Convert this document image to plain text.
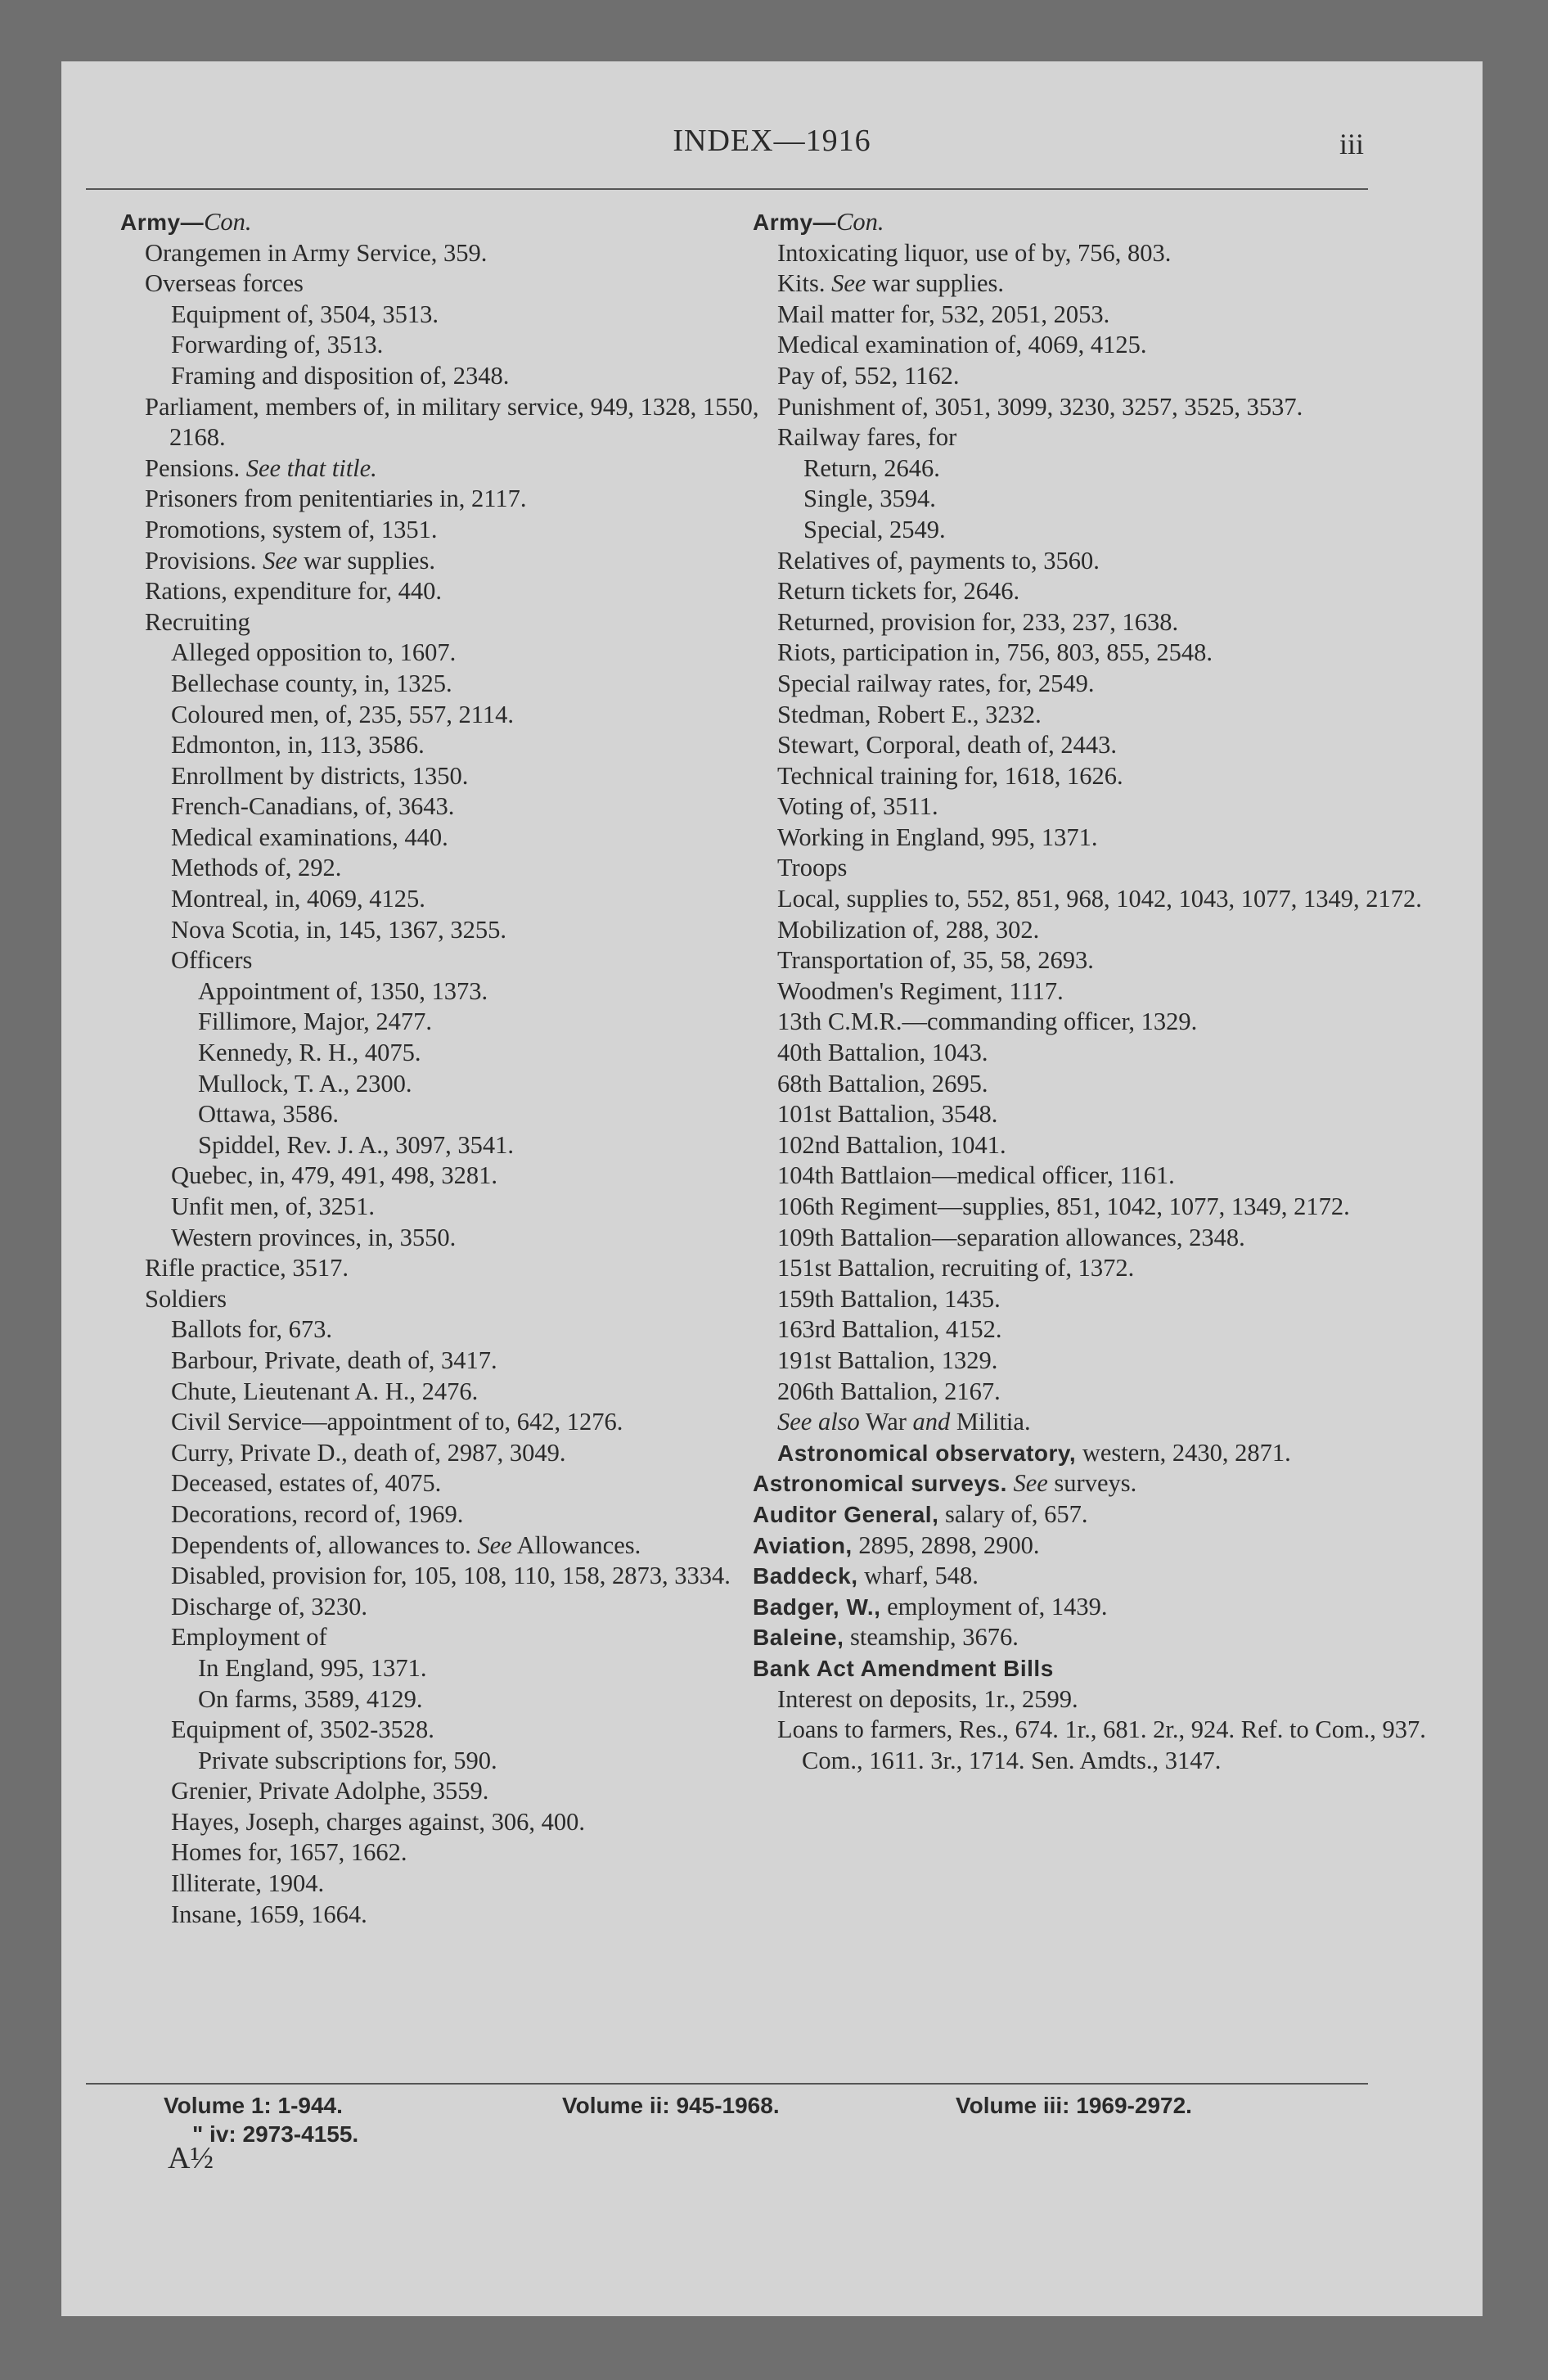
INDEX—1916	iii
Army—Con.
Orangemen in Army Service, 359.
Overseas forces
Equipment of, 3504, 3513.
Forwarding of, 3513.
Framing and disposition of, 2348.
Parliament, members of, in military service, 949, 1328, 1550, 2168.
Pensions. See that title.
Prisoners from penitentiaries in, 2117.
Promotions, system of, 1351.
Provisions. See war supplies.
Rations, expenditure for, 440.
Recruiting
Alleged opposition to, 1607.
Bellechase county, in, 1325.
Coloured men, of, 235, 557, 2114.
Edmonton, in, 113, 3586.
Enrollment by districts, 1350.
French-Canadians, of, 3643.
Medical examinations, 440.
Methods of, 292.
Montreal, in, 4069, 4125.
Nova Scotia, in, 145, 1367, 3255.
Officers
Appointment of, 1350, 1373.
Fillimore, Major, 2477.
Kennedy, R. H., 4075.
Mullock, T. A., 2300.
Ottawa, 3586.
Spiddel, Rev. J. A., 3097, 3541.
Quebec, in, 479, 491, 498, 3281.
Unfit men, of, 3251.
Western provinces, in, 3550.
Rifle practice, 3517.
Soldiers
Ballots for, 673.
Barbour, Private, death of, 3417.
Chute, Lieutenant A. H., 2476.
Civil Service—appointment of to, 642, 1276.
Curry, Private D., death of, 2987, 3049.
Deceased, estates of, 4075.
Decorations, record of, 1969.
Dependents of, allowances to. See Allowances.
Disabled, provision for, 105, 108, 110, 158, 2873, 3334.
Discharge of, 3230.
Employment of
In England, 995, 1371.
On farms, 3589, 4129.
Equipment of, 3502-3528.
Private subscriptions for, 590.
Grenier, Private Adolphe, 3559.
Hayes, Joseph, charges against, 306, 400.
Homes for, 1657, 1662.
Illiterate, 1904.
Insane, 1659, 1664.
Army—Con.
Intoxicating liquor, use of by, 756, 803.
Kits. See war supplies.
Mail matter for, 532, 2051, 2053.
Medical examination of, 4069, 4125.
Pay of, 552, 1162.
Punishment of, 3051, 3099, 3230, 3257, 3525, 3537.
Railway fares, for
Return, 2646.
Single, 3594.
Special, 2549.
Relatives of, payments to, 3560.
Return tickets for, 2646.
Returned, provision for, 233, 237, 1638.
Riots, participation in, 756, 803, 855, 2548.
Special railway rates, for, 2549.
Stedman, Robert E., 3232.
Stewart, Corporal, death of, 2443.
Technical training for, 1618, 1626.
Voting of, 3511.
Working in England, 995, 1371.
Troops
Local, supplies to, 552, 851, 968, 1042, 1043, 1077, 1349, 2172.
Mobilization of, 288, 302.
Transportation of, 35, 58, 2693.
Woodmen's Regiment, 1117.
13th C.M.R.—commanding officer, 1329.
40th Battalion, 1043.
68th Battalion, 2695.
101st Battalion, 3548.
102nd Battalion, 1041.
104th Battlaion—medical officer, 1161.
106th Regiment—supplies, 851, 1042, 1077, 1349, 2172.
109th Battalion—separation allowances, 2348.
151st Battalion, recruiting of, 1372.
159th Battalion, 1435.
163rd Battalion, 4152.
191st Battalion, 1329.
206th Battalion, 2167.
See also War and Militia.
Astronomical observatory, western, 2430, 2871.
Astronomical surveys. See surveys.
Auditor General, salary of, 657.
Aviation, 2895, 2898, 2900.
Baddeck, wharf, 548.
Badger, W., employment of, 1439.
Baleine, steamship, 3676.
Bank Act Amendment Bills
Interest on deposits, 1r., 2599.
Loans to farmers, Res., 674. 1r., 681. 2r., 924. Ref. to Com., 937. Com., 1611. 3r., 1714. Sen. Amdts., 3147.
Volume 1: 1-944.	Volume ii: 945-1968.	Volume iii: 1969-2972.
" iv: 2973-4155.
A½
